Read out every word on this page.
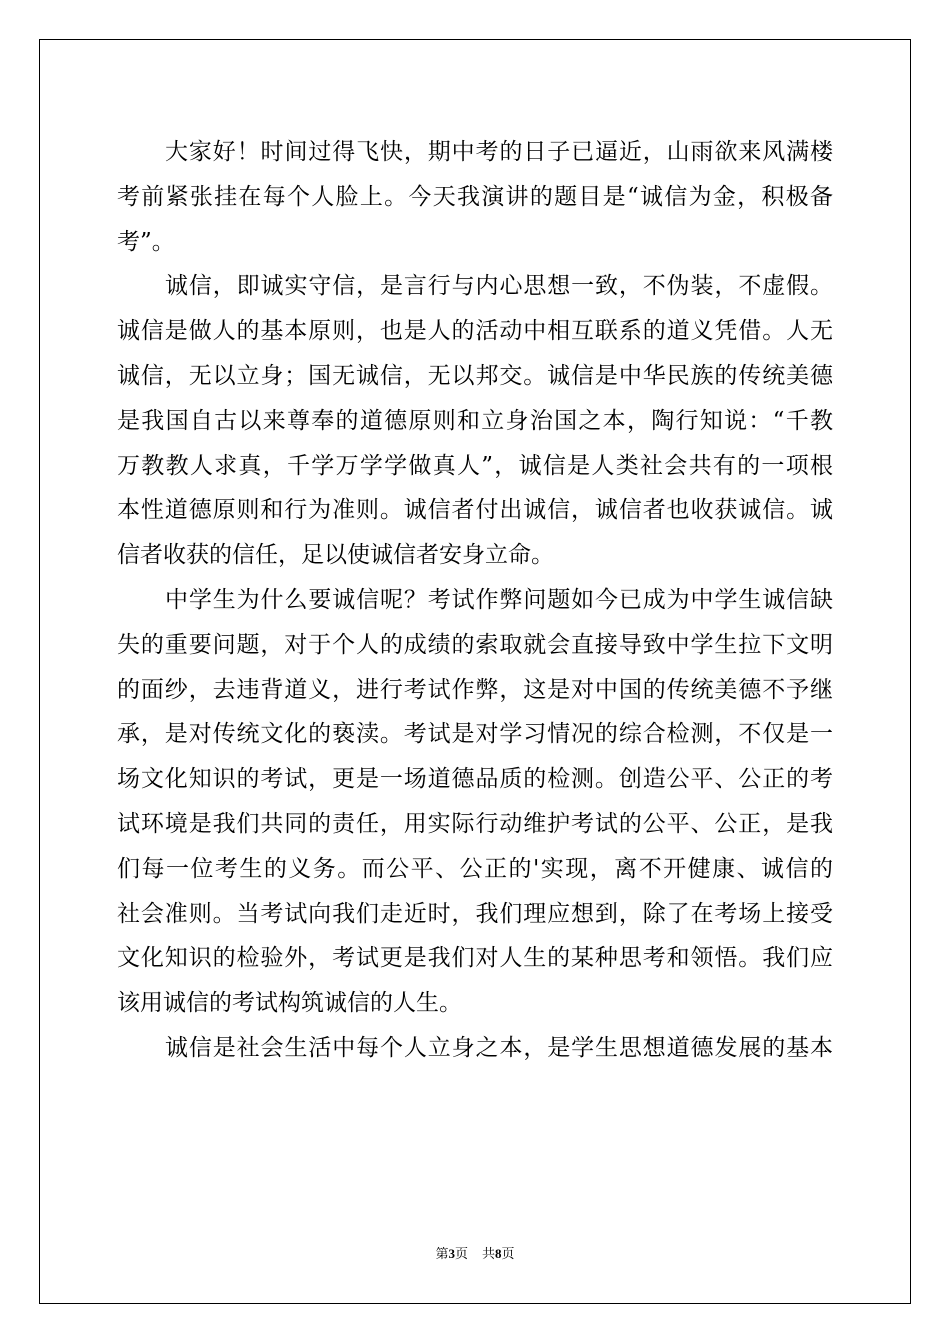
大家好！时间过得飞快，期中考的日子已逼近，山雨欲来风满楼
考前紧张挂在每个人脸上。今天我演讲的题目是“诚信为金，积极备
考”。
诚信，即诚实守信，是言行与内心思想一致，不伪装，不虚假。
诚信是做人的基本原则，也是人的活动中相互联系的道义凭借。人无
诚信，无以立身；国无诚信，无以邦交。诚信是中华民族的传统美德
是我国自古以来尊奉的道德原则和立身治国之本，陶行知说：“千教
万教教人求真，千学万学学做真人”，诚信是人类社会共有的一项根
本性道德原则和行为准则。诚信者付出诚信，诚信者也收获诚信。诚
信者收获的信任，足以使诚信者安身立命。
中学生为什么要诚信呢？考试作弊问题如今已成为中学生诚信缺
失的重要问题，对于个人的成绩的索取就会直接导致中学生拉下文明
的面纱，去违背道义，进行考试作弊，这是对中国的传统美德不予继
承，是对传统文化的亵渎。考试是对学习情况的综合检测，不仅是一
场文化知识的考试，更是一场道德品质的检测。创造公平、公正的考
试环境是我们共同的责任，用实际行动维护考试的公平、公正，是我
们每一位考生的义务。而公平、公正的'实现，离不开健康、诚信的
社会准则。当考试向我们走近时，我们理应想到，除了在考场上接受
文化知识的检验外，考试更是我们对人生的某种思考和领悟。我们应
该用诚信的考试构筑诚信的人生。
诚信是社会生活中每个人立身之本，是学生思想道德发展的基本
第3页 共8页
